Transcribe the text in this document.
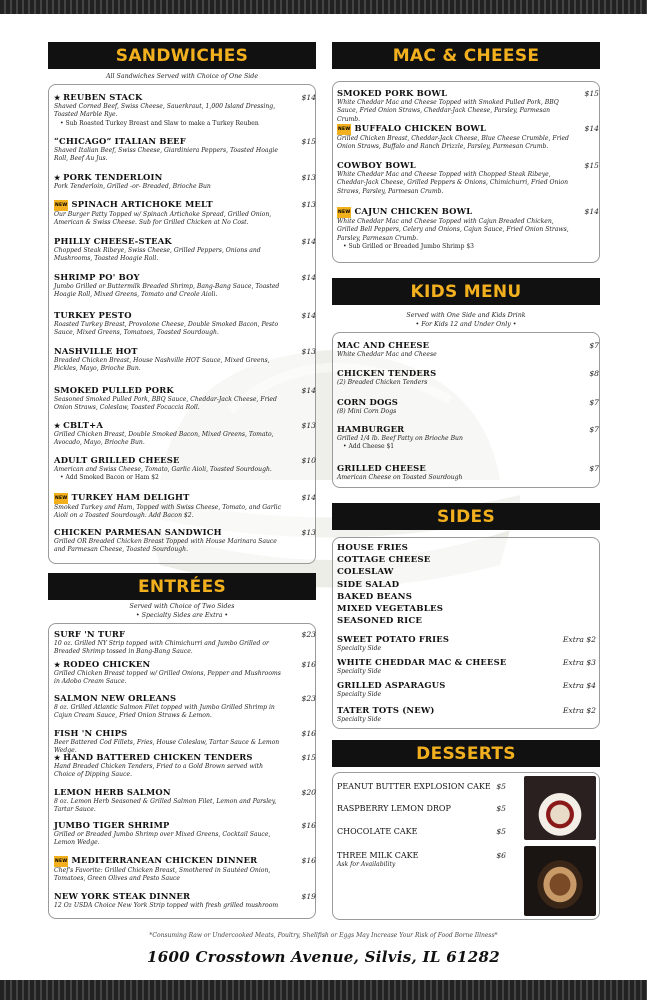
SANDWICHES
All Sandwiches Served with Choice of One Side
ENTRÉES
Served with Choice of Two Sides
• Specialty Sides are Extra •
MAC & CHEESE
KIDS MENU
Served with One Side and Kids Drink
• For Kids 12 and Under Only •
SIDES
DESSERTS
★ REUBEN STACK
Shaved Corned Beef, Swiss Cheese, Sauerkraut, 1,000 Island Dressing, Toasted Marble Rye.
• Sub Roasted Turkey Breast and Slaw to make a Turkey Reuben
$14
“CHICAGO” ITALIAN BEEF
Shaved Italian Beef, Swiss Cheese, Giardiniera Peppers, Toasted Hoagie Roll, Beef Au Jus.
$15
★ PORK TENDERLOIN
Pork Tenderloin, Grilled -or- Breaded, Brioche Bun
$13
NEW SPINACH ARTICHOKE MELT
Our Burger Patty Topped w/ Spinach Artichoke Spread, Grilled Onion, American & Swiss Cheese. Sub for Grilled Chicken at No Cost.
$13
PHILLY CHEESE-STEAK
Chopped Steak Ribeye, Swiss Cheese, Grilled Peppers, Onions and Mushrooms, Toasted Hoagie Roll.
$14
SHRIMP PO' BOY
Jumbo Grilled or Buttermilk Breaded Shrimp, Bang-Bang Sauce, Toasted Hoagie Roll, Mixed Greens, Tomato and Creole Aioli.
$14
TURKEY PESTO
Roasted Turkey Breast, Provolone Cheese, Double Smoked Bacon, Pesto Sauce, Mixed Greens, Tomatoes, Toasted Sourdough.
$14
NASHVILLE HOT
Breaded Chicken Breast, House Nashville HOT Sauce, Mixed Greens, Pickles, Mayo, Brioche Bun.
$13
SMOKED PULLED PORK
Seasoned Smoked Pulled Pork, BBQ Sauce, Cheddar-Jack Cheese, Fried Onion Straws, Coleslaw, Toasted Focaccia Roll.
$14
★ CBLT+A
Grilled Chicken Breast, Double Smoked Bacon, Mixed Greens, Tomato, Avocado, Mayo, Brioche Bun.
$13
ADULT GRILLED CHEESE
American and Swiss Cheese, Tomato, Garlic Aioli, Toasted Sourdough.
• Add Smoked Bacon or Ham $2
$10
NEW TURKEY HAM DELIGHT
Smoked Turkey and Ham, Topped with Swiss Cheese, Tomato, and Garlic Aioli on a Toasted Sourdough. Add Bacon $2.
$14
CHICKEN PARMESAN SANDWICH
Grilled OR Breaded Chicken Breast Topped with House Marinara Sauce and Parmesan Cheese, Toasted Sourdough.
$13
SURF 'N TURF
10 oz. Grilled NY Strip topped with Chimichurri and Jumbo Grilled or Breaded Shrimp tossed in Bang-Bang Sauce.
$23
★ RODEO CHICKEN
Grilled Chicken Breast topped w/ Grilled Onions, Pepper and Mushrooms in Adobo Cream Sauce.
$16
SALMON NEW ORLEANS
8 oz. Grilled Atlantic Salmon Filet topped with Jumbo Grilled Shrimp in Cajun Cream Sauce, Fried Onion Straws & Lemon.
$23
FISH 'N CHIPS
Beer Battered Cod Fillets, Fries, House Coleslaw, Tartar Sauce & Lemon Wedge.
$16
★ HAND BATTERED CHICKEN TENDERS
Hand Breaded Chicken Tenders, Fried to a Gold Brown served with Choice of Dipping Sauce.
$15
LEMON HERB SALMON
8 oz. Lemon Herb Seasoned & Grilled Salmon Filet, Lemon and Parsley, Tartar Sauce.
$20
JUMBO TIGER SHRIMP
Grilled or Breaded Jumbo Shrimp over Mixed Greens, Cocktail Sauce, Lemon Wedge.
$16
NEW MEDITERRANEAN CHICKEN DINNER
Chef's Favorite: Grilled Chicken Breast, Smothered in Sautéed Onion, Tomatoes, Green Olives and Pesto Sauce
$16
NEW YORK STEAK DINNER
12 Oz USDA Choice New York Strip topped with fresh grilled mushroom
$19
SMOKED PORK BOWL
White Cheddar Mac and Cheese Topped with Smoked Pulled Pork, BBQ Sauce, Fried Onion Straws, Cheddar-Jack Cheese, Parsley, Parmesan Crumb.
$15
NEW BUFFALO CHICKEN BOWL
Grilled Chicken Breast, Cheddar-Jack Cheese, Blue Cheese Crumble, Fried Onion Straws, Buffalo and Ranch Drizzle, Parsley, Parmesan Crumb.
$14
COWBOY BOWL
White Cheddar Mac and Cheese Topped with Chopped Steak Ribeye, Cheddar-Jack Cheese, Grilled Peppers & Onions, Chimichurri, Fried Onion Straws, Parsley, Parmesan Crumb.
$15
NEW CAJUN CHICKEN BOWL
White Cheddar Mac and Cheese Topped with Cajun Breaded Chicken, Grilled Bell Peppers, Celery and Onions, Cajun Sauce, Fried Onion Straws, Parsley, Parmesan Crumb.
• Sub Grilled or Breaded Jumbo Shrimp $3
$14
MAC AND CHEESE
White Cheddar Mac and Cheese
$7
CHICKEN TENDERS
(2) Breaded Chicken Tenders
$8
CORN DOGS
(8) Mini Corn Dogs
$7
HAMBURGER
Grilled 1/4 lb. Beef Patty on Brioche Bun
• Add Cheese $1
$7
GRILLED CHEESE
American Cheese on Toasted Sourdough
$7
HOUSE FRIES
COTTAGE CHEESE
COLESLAW
SIDE SALAD
BAKED BEANS
MIXED VEGETABLES
SEASONED RICE
SWEET POTATO FRIES
Specialty Side
Extra $2
WHITE CHEDDAR MAC & CHEESE
Specialty Side
Extra $3
GRILLED ASPARAGUS
Specialty Side
Extra $4
TATER TOTS (NEW)
Specialty Side
Extra $2
PEANUT BUTTER EXPLOSION CAKE $5
RASPBERRY LEMON DROP	$5
CHOCOLATE CAKE	$5
THREE MILK CAKE
Ask for Availability
$6
*Consuming Raw or Undercooked Meats, Poultry, Shellfish or Eggs May Increase Your Risk of Food Borne Illness*
1600 Crosstown Avenue, Silvis, IL 61282
